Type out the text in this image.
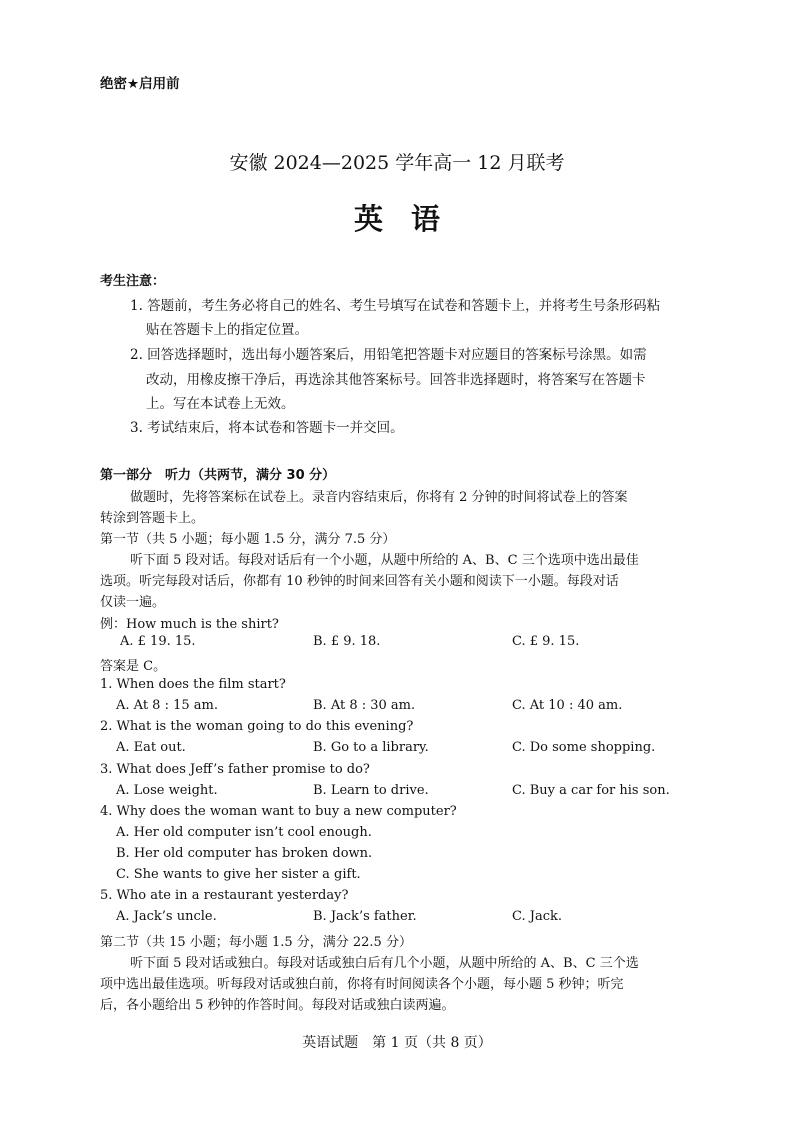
绝密★启用前
安徽 2024—2025 学年高一 12 月联考
英语
考生注意：
1. 答题前，考生务必将自己的姓名、考生号填写在试卷和答题卡上，并将考生号条形码粘
贴在答题卡上的指定位置。
2. 回答选择题时，选出每小题答案后，用铅笔把答题卡对应题目的答案标号涂黑。如需
改动，用橡皮擦干净后，再选涂其他答案标号。回答非选择题时，将答案写在答题卡
上。写在本试卷上无效。
3. 考试结束后，将本试卷和答题卡一并交回。
第一部分　听力（共两节，满分 30 分）
做题时，先将答案标在试卷上。录音内容结束后，你将有 2 分钟的时间将试卷上的答案
转涂到答题卡上。
第一节（共 5 小题；每小题 1.5 分，满分 7.5 分）
听下面 5 段对话。每段对话后有一个小题，从题中所给的 A、B、C 三个选项中选出最佳
选项。听完每段对话后，你都有 10 秒钟的时间来回答有关小题和阅读下一小题。每段对话
仅读一遍。
例：How much is the shirt?
A. £ 19. 15.	B. £ 9. 18.	C. £ 9. 15.
答案是 C。
1. When does the film start?
A. At 8 : 15 am.	B. At 8 : 30 am.	C. At 10 : 40 am.
2. What is the woman going to do this evening?
A. Eat out.	B. Go to a library.	C. Do some shopping.
3. What does Jeff’s father promise to do?
A. Lose weight.	B. Learn to drive.	C. Buy a car for his son.
4. Why does the woman want to buy a new computer?
A. Her old computer isn’t cool enough.
B. Her old computer has broken down.
C. She wants to give her sister a gift.
5. Who ate in a restaurant yesterday?
A. Jack’s uncle.	B. Jack’s father.	C. Jack.
第二节（共 15 小题；每小题 1.5 分，满分 22.5 分）
听下面 5 段对话或独白。每段对话或独白后有几个小题，从题中所给的 A、B、C 三个选
项中选出最佳选项。听每段对话或独白前，你将有时间阅读各个小题，每小题 5 秒钟；听完
后，各小题给出 5 秒钟的作答时间。每段对话或独白读两遍。
英语试题　第 1 页（共 8 页）
